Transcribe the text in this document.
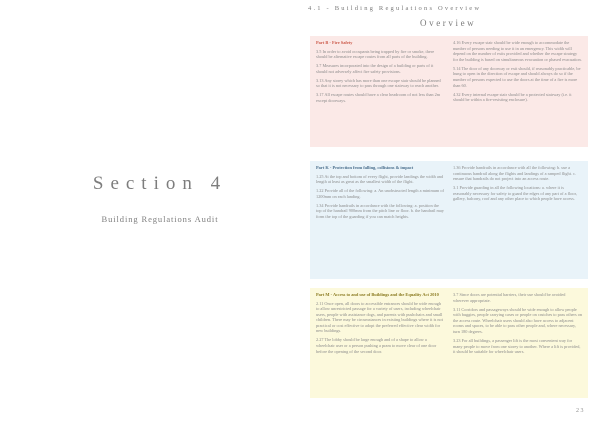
4.1 - Building Regulations Overview
Overview
Section 4
Building Regulations Audit
Part B - Fire Safety

3.5 In order to avoid occupants being trapped by fire or smoke, there should be alternative escape routes from all parts of the building.

3.7 Measures incorporated into the design of a building or parts of it should not adversely affect fire safety provisions.

3.13 Any storey which has more than one escape stair should be planned so that it is not necessary to pass through one stairway to reach another.

3.17 All escape routes should have a clear headroom of not less than 2m except doorways.

4.16 Every escape stair should be wide enough to accommodate the number of persons needing to use it in an emergency. This width will depend on the number of exits provided and whether the escape strategy for the building is based on simultaneous evacuation or phased evacuation.

5.14 The door of any doorway or exit should, if reasonably practicable, be hung to open in the direction of escape and should always do so if the number of persons expected to use the doors at the time of a fire is more than 60.

4.32 Every internal escape stair should be a protected stairway (i.e. it should be within a fire-resisting enclosure).

Part K - Protection from falling, collisions & impact

1.25 At the top and bottom of every flight, provide landings the width and length at least as great as the smallest width of the flight.

1.22 Provide all of the following: a. An unobstructed length a minimum of 1200mm on each landing.

1.34 Provide handrails in accordance with the following: a. position the top of the handrail 900mm from the pitch line or floor. b. the handrail may form the top of the guarding if you can match heights.

1.36 Provide handrails in accordance with all the following: b. use a continuous handrail along the flights and landings of a ramped flight. c. ensure that handrails do not project into an access route.

3.1 Provide guarding in all the following locations: a. where it is reasonably necessary for safety to guard the edges of any part of a floor, gallery, balcony, roof and any other place to which people have access.

Part M - Access to and use of Buildings and the Equality Act 2010

2.11 Once open, all doors to accessible entrances should be wide enough to allow unrestricted passage for a variety of users, including wheelchair users, people with assistance dogs, and parents with pushchairs and small children. There may be circumstances in existing buildings where it is not practical or cost effective to adopt the preferred effective clear width for new buildings.

2.27 The lobby should be large enough and of a shape to allow a wheelchair user or a person pushing a pram to move clear of one door before the opening of the second door.

3.7 Since doors are potential barriers, their use should be avoided wherever appropriate.

3.11 Corridors and passageways should be wide enough to allow people with buggies, people carrying cases or people on crutches to pass others on the access route. Wheelchair users should also have access to adjacent rooms and spaces, to be able to pass other people and, where necessary, turn 180 degrees.

3.23 For all buildings, a passenger lift is the most convenient way for many people to move from one storey to another. Where a lift is provided, it should be suitable for wheelchair users.

23
